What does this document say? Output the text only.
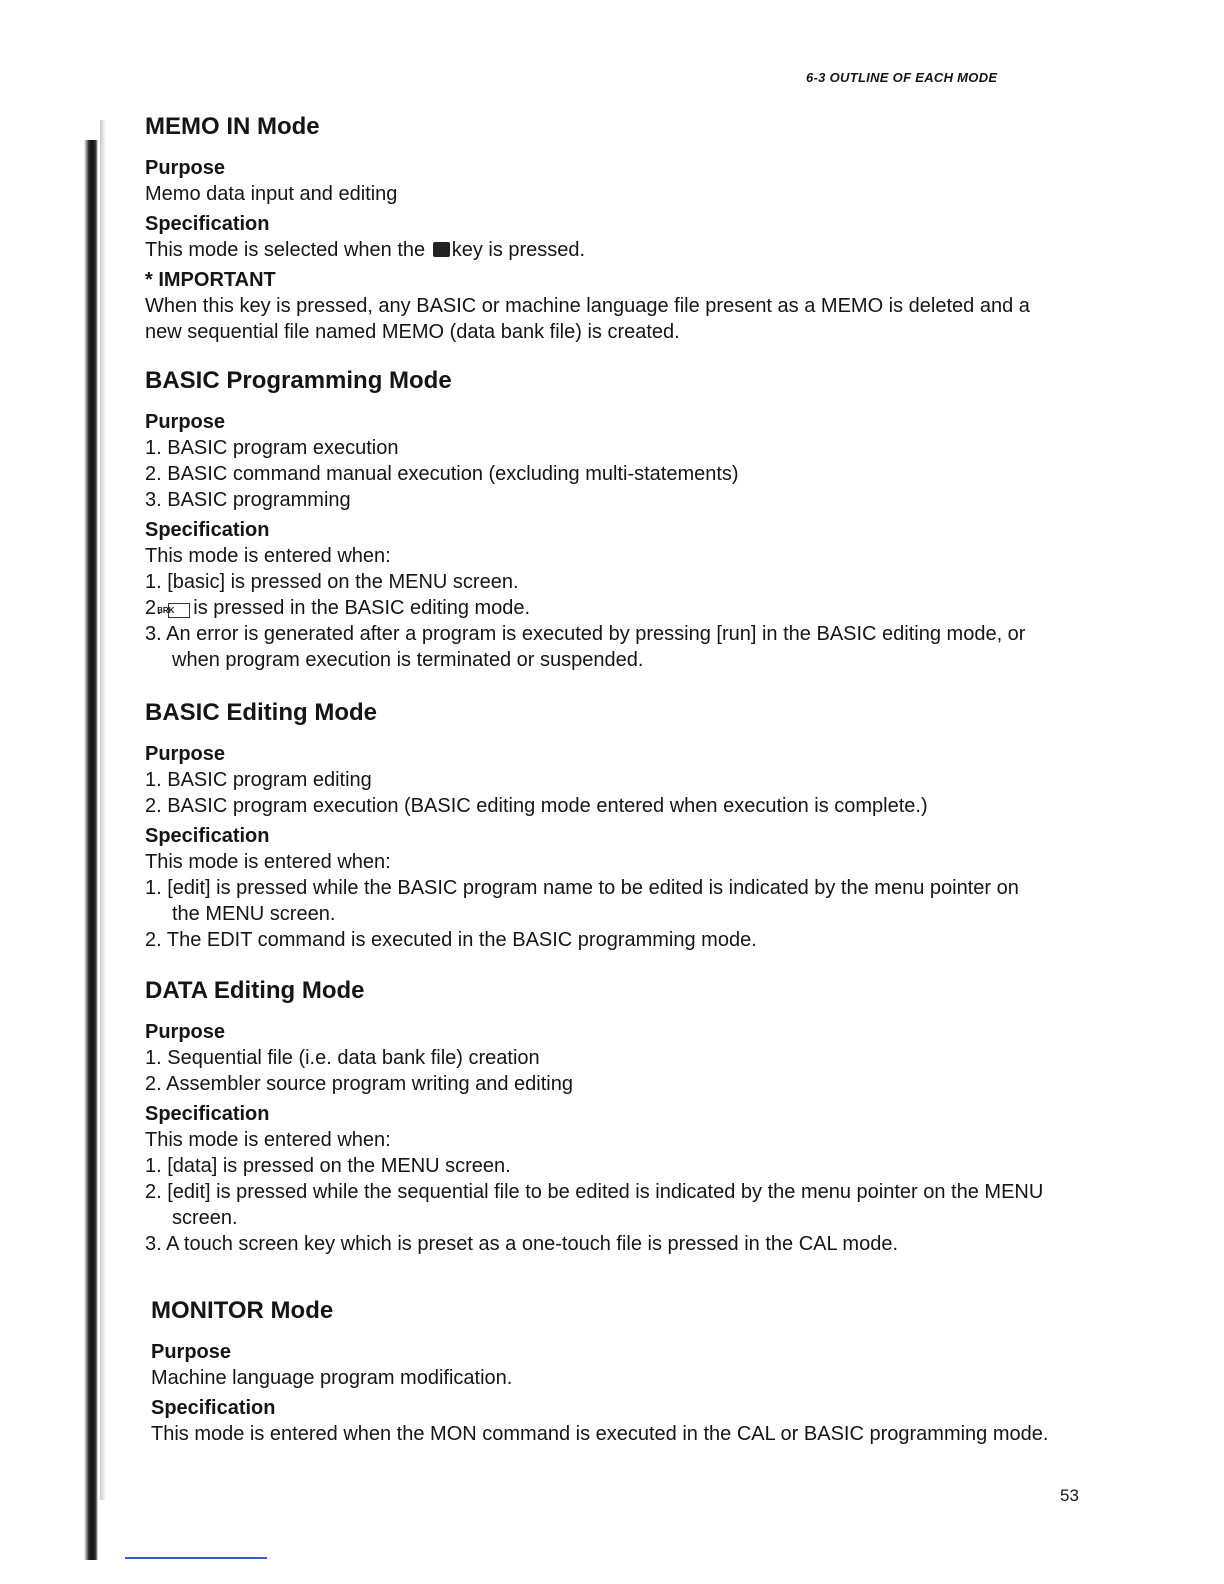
6-3 OUTLINE OF EACH MODE
MEMO IN Mode
Purpose
Memo data input and editing
Specification
This mode is selected when the key is pressed.
* IMPORTANT
When this key is pressed, any BASIC or machine language file present as a MEMO is deleted and a new sequential file named MEMO (data bank file) is created.
BASIC Programming Mode
Purpose
1. BASIC program execution
2. BASIC command manual execution (excluding multi-statements)
3. BASIC programming
Specification
This mode is entered when:
1. [basic] is pressed on the MENU screen.
2. BRK is pressed in the BASIC editing mode.
3. An error is generated after a program is executed by pressing [run] in the BASIC editing mode, or when program execution is terminated or suspended.
BASIC Editing Mode
Purpose
1. BASIC program editing
2. BASIC program execution (BASIC editing mode entered when execution is complete.)
Specification
This mode is entered when:
1. [edit] is pressed while the BASIC program name to be edited is indicated by the menu pointer on the MENU screen.
2. The EDIT command is executed in the BASIC programming mode.
DATA Editing Mode
Purpose
1. Sequential file (i.e. data bank file) creation
2. Assembler source program writing and editing
Specification
This mode is entered when:
1. [data] is pressed on the MENU screen.
2. [edit] is pressed while the sequential file to be edited is indicated by the menu pointer on the MENU screen.
3. A touch screen key which is preset as a one-touch file is pressed in the CAL mode.
MONITOR Mode
Purpose
Machine language program modification.
Specification
This mode is entered when the MON command is executed in the CAL or BASIC programming mode.
53
